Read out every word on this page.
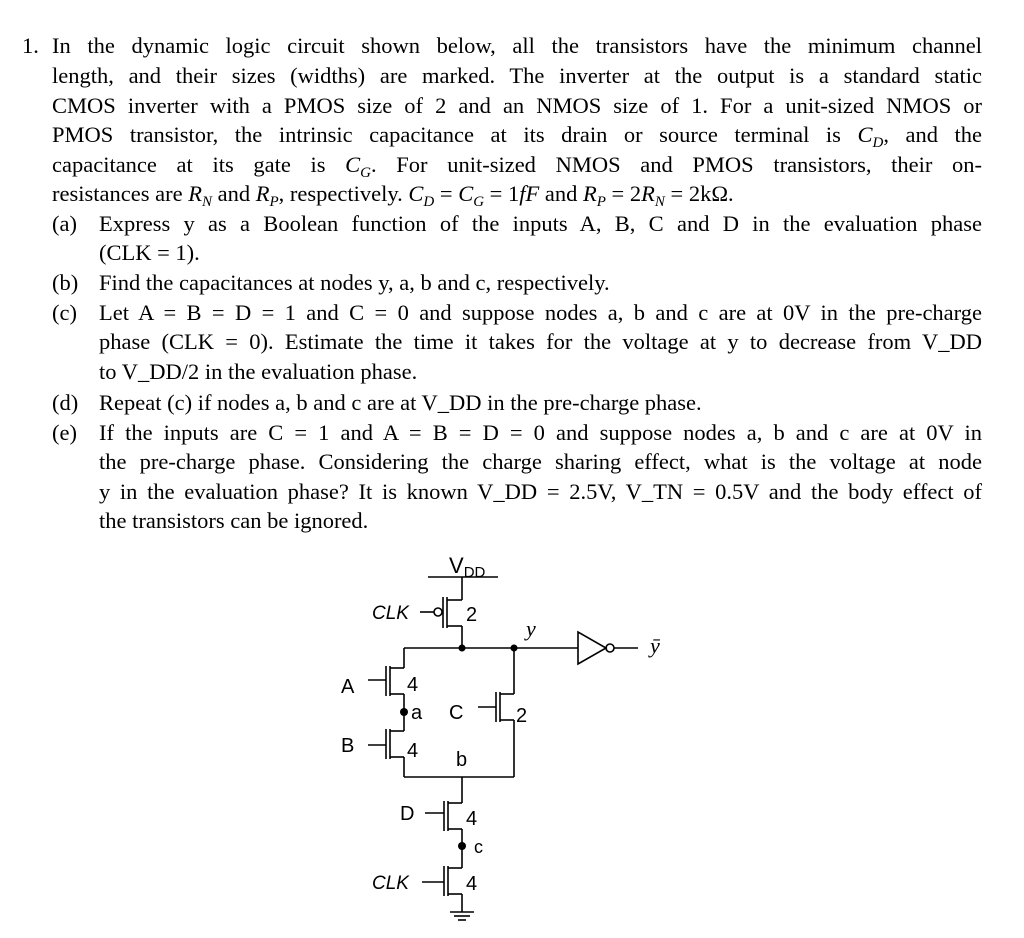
1. In the dynamic logic circuit shown below, all the transistors have the minimum channel
length, and their sizes (widths) are marked. The inverter at the output is a standard static
CMOS inverter with a PMOS size of 2 and an NMOS size of 1. For a unit-sized NMOS or
PMOS transistor, the intrinsic capacitance at its drain or source terminal is $C_D$, and the
capacitance at its gate is $C_G$. For unit-sized NMOS and PMOS transistors, their on-
resistances are $R_N$ and $R_P$, respectively. $C_D = C_G = 1fF$ and $R_P = 2R_N = 2k\Omega$.
(a) Express y as a Boolean function of the inputs A, B, C and D in the evaluation phase
(CLK = 1).
(b) Find the capacitances at nodes y, a, b and c, respectively.
(c) Let A = B = D = 1 and C = 0 and suppose nodes a, b and c are at 0V in the pre-charge
phase (CLK = 0). Estimate the time it takes for the voltage at y to decrease from V_DD
to V_DD/2 in the evaluation phase.
(d) Repeat (c) if nodes a, b and c are at V_DD in the pre-charge phase.
(e) If the inputs are C = 1 and A = B = D = 0 and suppose nodes a, b and c are at 0V in
the pre-charge phase. Considering the charge sharing effect, what is the voltage at node
y in the evaluation phase? It is known V_DD = 2.5V, V_TN = 0.5V and the body effect of
the transistors can be ignored.
VDD
CLK	2
y
ȳ
A	4
a C	2
B	4 b
D	4
c
CLK	4
